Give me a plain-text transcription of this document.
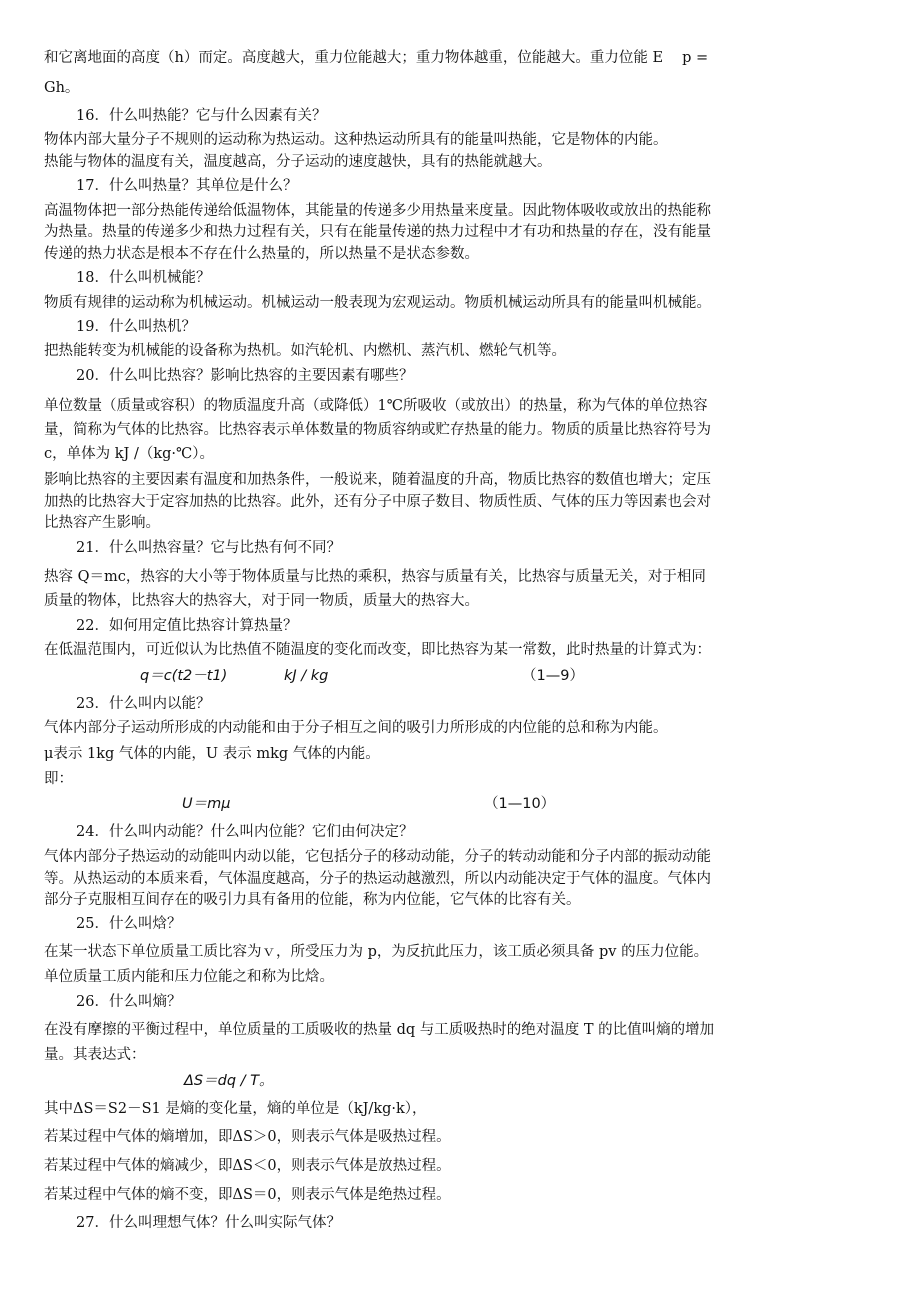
和它离地面的高度（h）而定。高度越大，重力位能越大；重力物体越重，位能越大。重力位能 E　 p =
Gh。
16．什么叫热能？它与什么因素有关？
物体内部大量分子不规则的运动称为热运动。这种热运动所具有的能量叫热能，它是物体的内能。
热能与物体的温度有关，温度越高，分子运动的速度越快，具有的热能就越大。
17．什么叫热量？其单位是什么？
高温物体把一部分热能传递给低温物体，其能量的传递多少用热量来度量。因此物体吸收或放出的热能称
为热量。热量的传递多少和热力过程有关，只有在能量传递的热力过程中才有功和热量的存在，没有能量
传递的热力状态是根本不存在什么热量的，所以热量不是状态参数。
18．什么叫机械能？
物质有规律的运动称为机械运动。机械运动一般表现为宏观运动。物质机械运动所具有的能量叫机械能。
19．什么叫热机？
把热能转变为机械能的设备称为热机。如汽轮机、内燃机、蒸汽机、燃轮气机等。
20．什么叫比热容？影响比热容的主要因素有哪些？
单位数量（质量或容积）的物质温度升高（或降低）1℃所吸收（或放出）的热量，称为气体的单位热容
量，简称为气体的比热容。比热容表示单体数量的物质容纳或贮存热量的能力。物质的质量比热容符号为
c，单体为 kJ /（kg·℃）。
影响比热容的主要因素有温度和加热条件，一般说来，随着温度的升高，物质比热容的数值也增大；定压
加热的比热容大于定容加热的比热容。此外，还有分子中原子数目、物质性质、气体的压力等因素也会对
比热容产生影响。
21．什么叫热容量？它与比热有何不同？
热容 Q＝mc，热容的大小等于物体质量与比热的乘积，热容与质量有关，比热容与质量无关，对于相同
质量的物体，比热容大的热容大，对于同一物质，质量大的热容大。
22．如何用定值比热容计算热量？
在低温范围内，可近似认为比热值不随温度的变化而改变，即比热容为某一常数，此时热量的计算式为：
q＝c(t2－t1)	kJ / kg	（1—9）
23．什么叫内以能？
气体内部分子运动所形成的内动能和由于分子相互之间的吸引力所形成的内位能的总和称为内能。
μ表示 1kg 气体的内能，U 表示 mkg 气体的内能。
即：
U＝mμ	（1—10）
24．什么叫内动能？什么叫内位能？它们由何决定？
气体内部分子热运动的动能叫内动以能，它包括分子的移动动能，分子的转动动能和分子内部的振动动能
等。从热运动的本质来看，气体温度越高，分子的热运动越激烈，所以内动能决定于气体的温度。气体内
部分子克服相互间存在的吸引力具有备用的位能，称为内位能，它气体的比容有关。
25．什么叫焓？
在某一状态下单位质量工质比容为ｖ，所受压力为 p，为反抗此压力，该工质必须具备 pv 的压力位能。
单位质量工质内能和压力位能之和称为比焓。
26．什么叫熵？
在没有摩擦的平衡过程中，单位质量的工质吸收的热量 dq 与工质吸热时的绝对温度 T 的比值叫熵的增加
量。其表达式：
ΔS＝dq / T。
其中ΔS＝S2－S1 是熵的变化量，熵的单位是（kJ/kg·k），
若某过程中气体的熵增加，即ΔS＞0，则表示气体是吸热过程。
若某过程中气体的熵减少，即ΔS＜0，则表示气体是放热过程。
若某过程中气体的熵不变，即ΔS＝0，则表示气体是绝热过程。
27．什么叫理想气体？什么叫实际气体？
